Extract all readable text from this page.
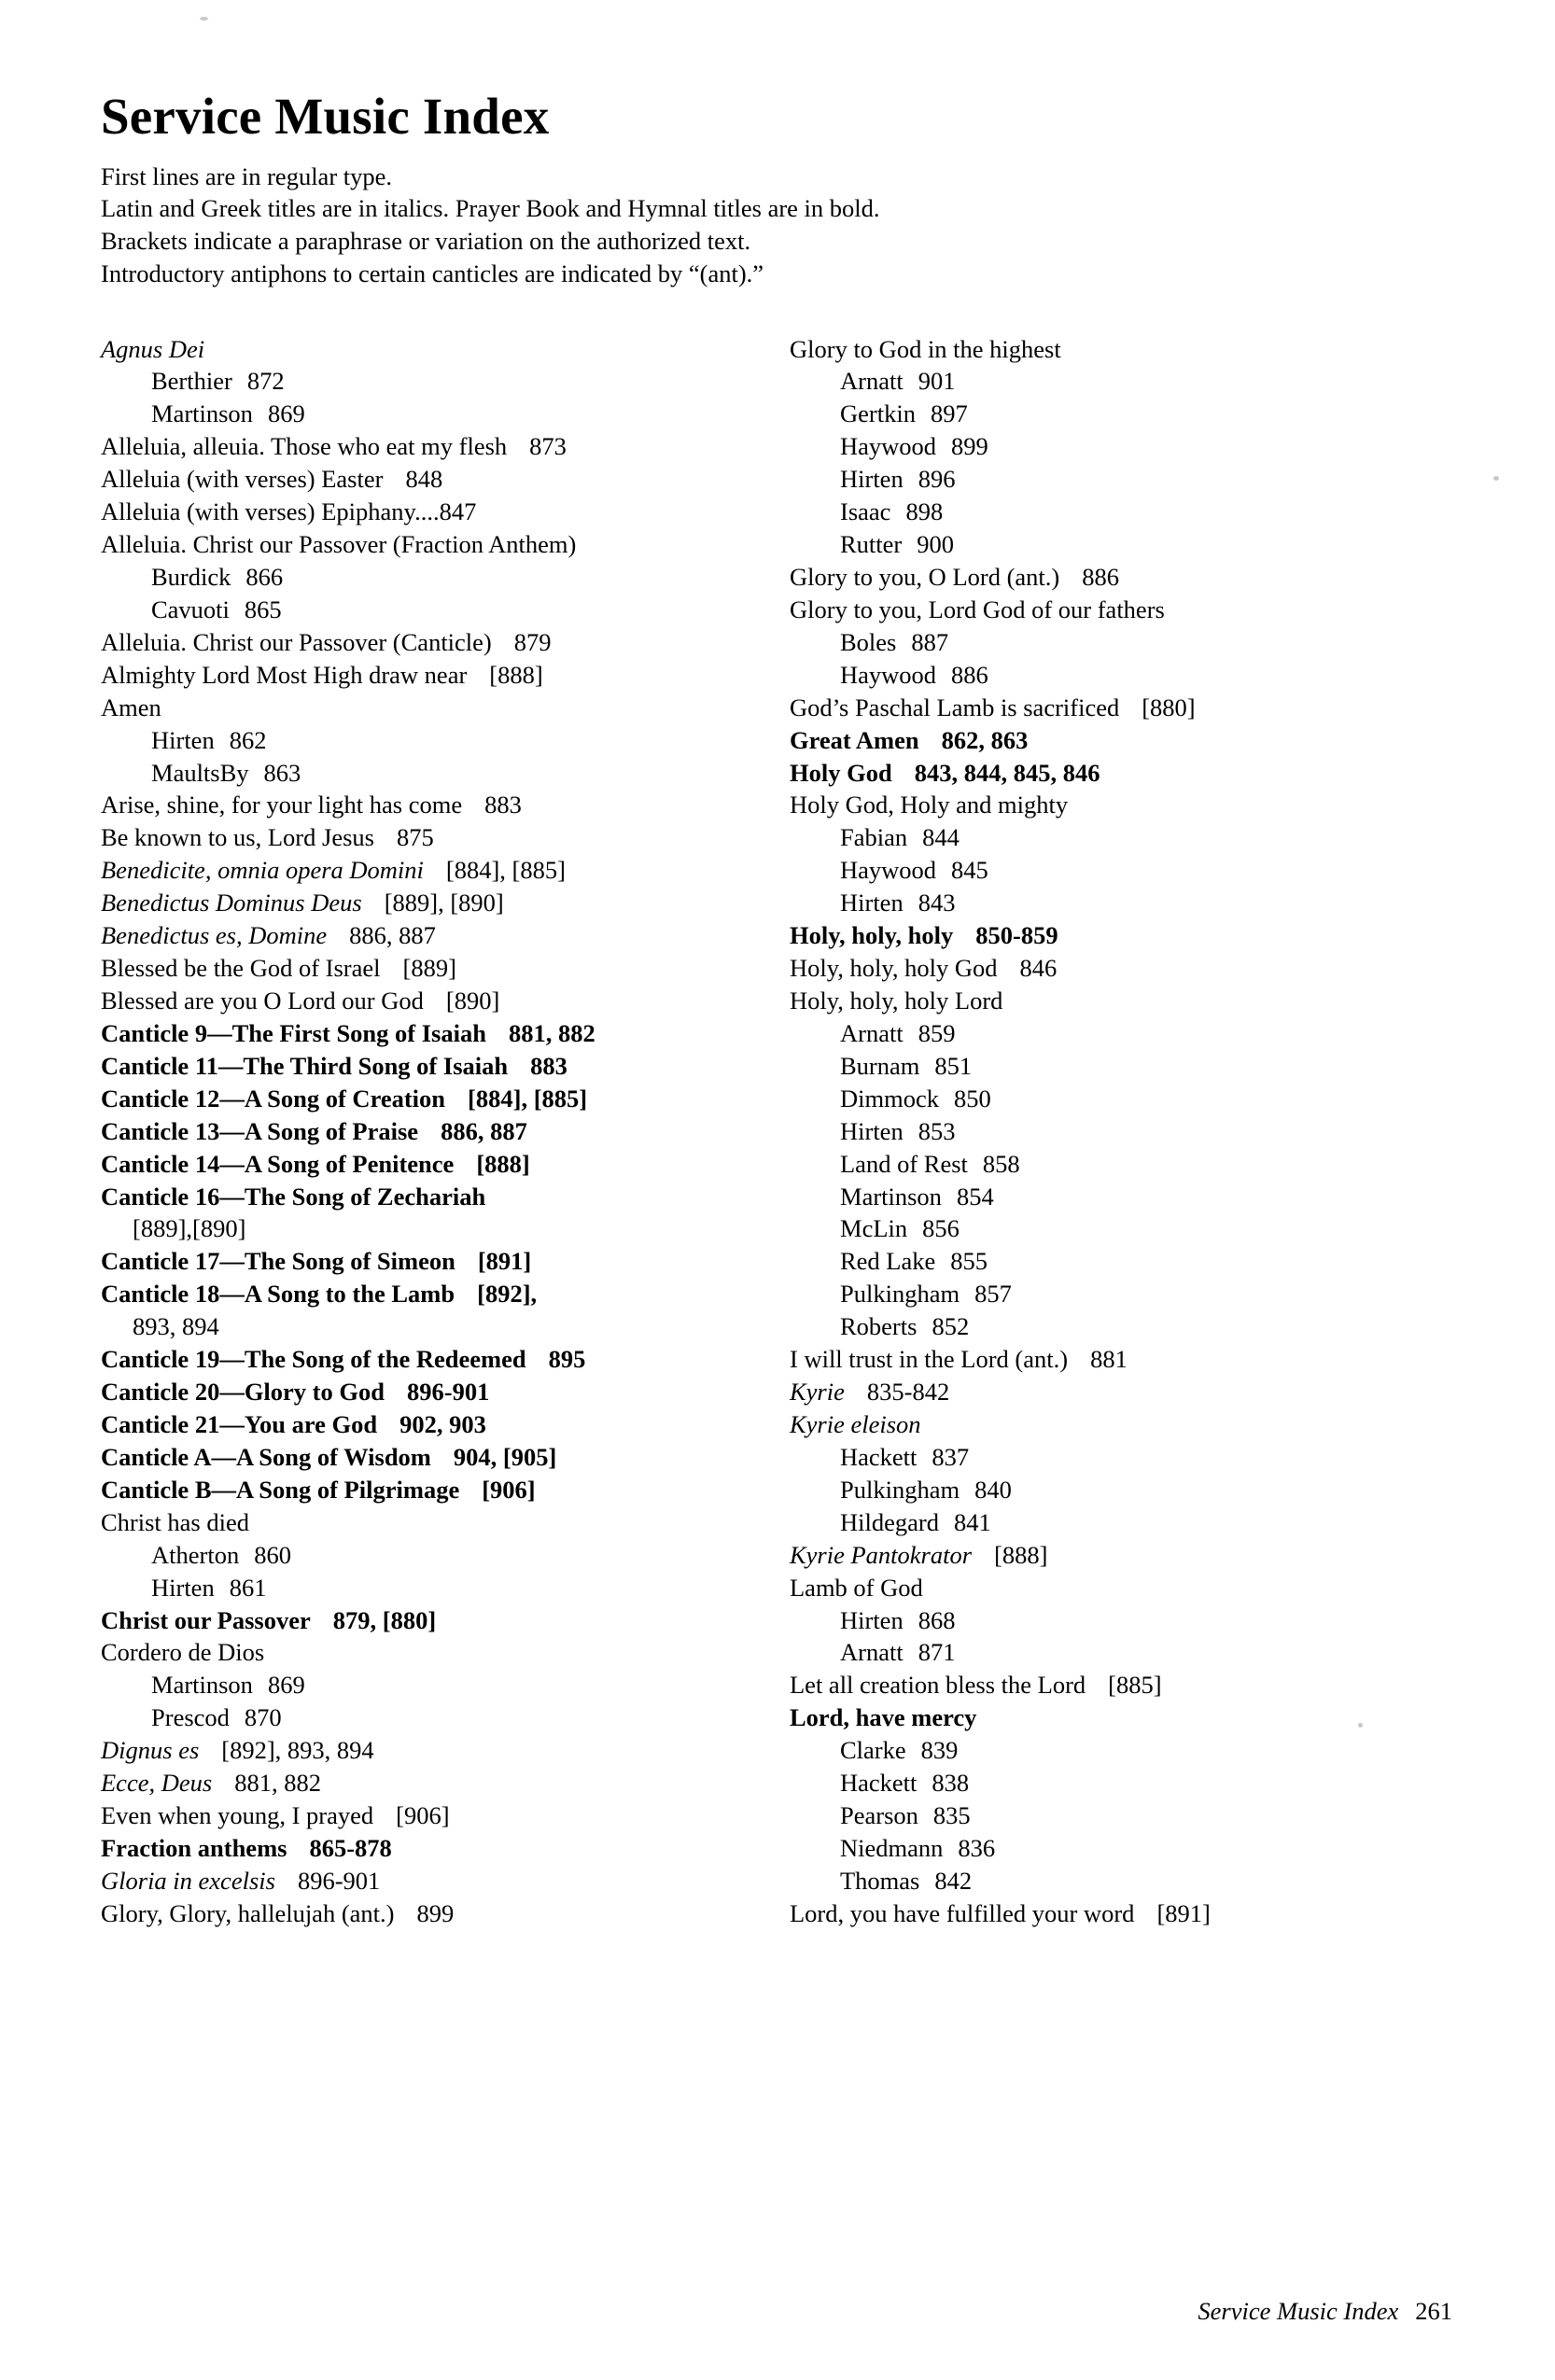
Service Music Index
First lines are in regular type.
Latin and Greek titles are in italics. Prayer Book and Hymnal titles are in bold.
Brackets indicate a paraphrase or variation on the authorized text.
Introductory antiphons to certain canticles are indicated by “(ant).”
Agnus Dei
Berthier 872
Martinson 869
Alleluia, alleuia. Those who eat my flesh 873
Alleluia (with verses) Easter 848
Alleluia (with verses) Epiphany....847
Alleluia. Christ our Passover (Fraction Anthem)
Burdick 866
Cavuoti 865
Alleluia. Christ our Passover (Canticle) 879
Almighty Lord Most High draw near [888]
Amen
Hirten 862
MaultsBy 863
Arise, shine, for your light has come 883
Be known to us, Lord Jesus 875
Benedicite, omnia opera Domini [884], [885]
Benedictus Dominus Deus [889], [890]
Benedictus es, Domine 886, 887
Blessed be the God of Israel [889]
Blessed are you O Lord our God [890]
Canticle 9—The First Song of Isaiah 881, 882
Canticle 11—The Third Song of Isaiah 883
Canticle 12—A Song of Creation [884], [885]
Canticle 13—A Song of Praise 886, 887
Canticle 14—A Song of Penitence [888]
Canticle 16—The Song of Zechariah
[889],[890]
Canticle 17—The Song of Simeon [891]
Canticle 18—A Song to the Lamb [892],
893, 894
Canticle 19—The Song of the Redeemed 895
Canticle 20—Glory to God 896-901
Canticle 21—You are God 902, 903
Canticle A—A Song of Wisdom 904, [905]
Canticle B—A Song of Pilgrimage [906]
Christ has died
Atherton 860
Hirten 861
Christ our Passover 879, [880]
Cordero de Dios
Martinson 869
Prescod 870
Dignus es [892], 893, 894
Ecce, Deus 881, 882
Even when young, I prayed [906]
Fraction anthems 865-878
Gloria in excelsis 896-901
Glory, Glory, hallelujah (ant.) 899
Glory to God in the highest
Arnatt 901
Gertkin 897
Haywood 899
Hirten 896
Isaac 898
Rutter 900
Glory to you, O Lord (ant.) 886
Glory to you, Lord God of our fathers
Boles 887
Haywood 886
God’s Paschal Lamb is sacrificed [880]
Great Amen 862, 863
Holy God 843, 844, 845, 846
Holy God, Holy and mighty
Fabian 844
Haywood 845
Hirten 843
Holy, holy, holy 850-859
Holy, holy, holy God 846
Holy, holy, holy Lord
Arnatt 859
Burnam 851
Dimmock 850
Hirten 853
Land of Rest 858
Martinson 854
McLin 856
Red Lake 855
Pulkingham 857
Roberts 852
I will trust in the Lord (ant.) 881
Kyrie 835-842
Kyrie eleison
Hackett 837
Pulkingham 840
Hildegard 841
Kyrie Pantokrator [888]
Lamb of God
Hirten 868
Arnatt 871
Let all creation bless the Lord [885]
Lord, have mercy
Clarke 839
Hackett 838
Pearson 835
Niedmann 836
Thomas 842
Lord, you have fulfilled your word [891]
Service Music Index 261
